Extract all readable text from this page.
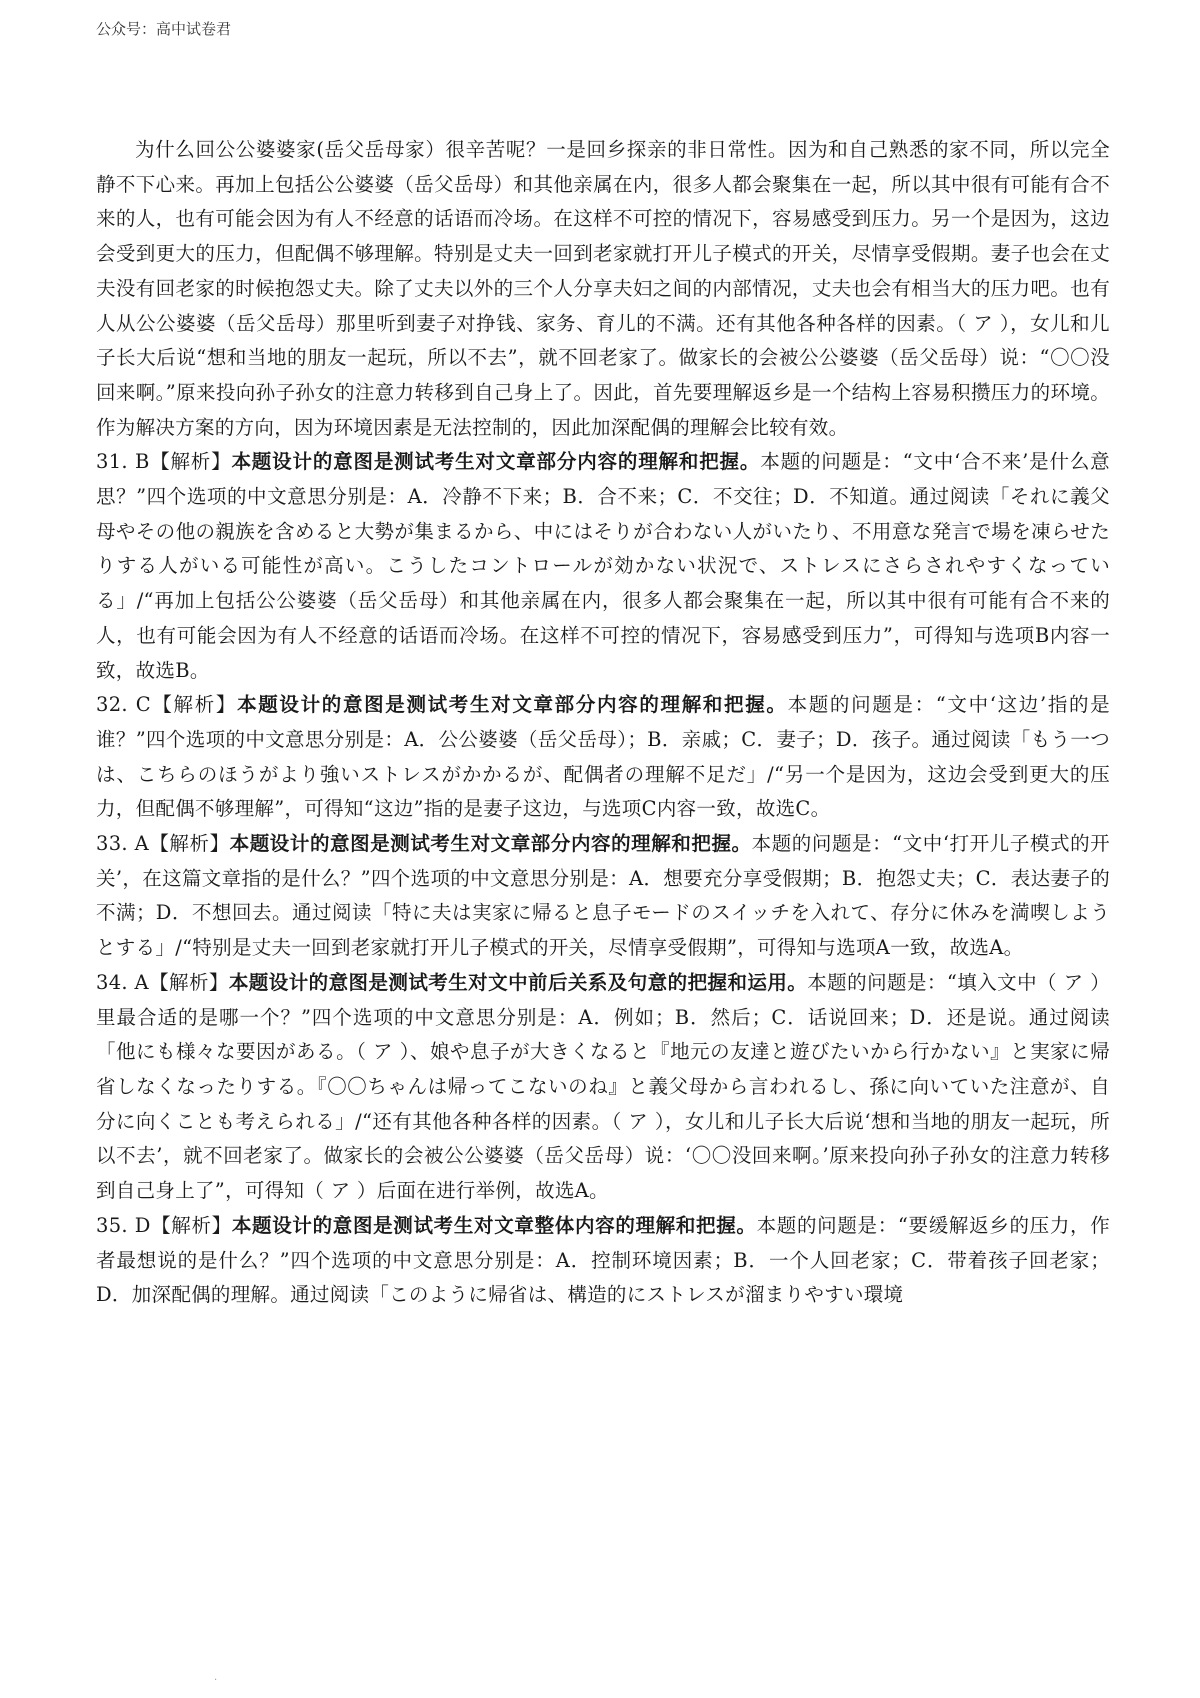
公众号：高中试卷君

为什么回公公婆婆家(岳父岳母家）很辛苦呢？一是回乡探亲的非日常性。因为和自己熟悉的家不同，所以完全静不下心来。再加上包括公公婆婆（岳父岳母）和其他亲属在内，很多人都会聚集在一起，所以其中很有可能有合不来的人，也有可能会因为有人不经意的话语而冷场。在这样不可控的情况下，容易感受到压力。另一个是因为，这边会受到更大的压力，但配偶不够理解。特别是丈夫一回到老家就打开儿子模式的开关，尽情享受假期。妻子也会在丈夫没有回老家的时候抱怨丈夫。除了丈夫以外的三个人分享夫妇之间的内部情况，丈夫也会有相当大的压力吧。也有人从公公婆婆（岳父岳母）那里听到妻子对挣钱、家务、育儿的不满。还有其他各种各样的因素。（ ア ），女儿和儿子长大后说“想和当地的朋友一起玩，所以不去”，就不回老家了。做家长的会被公公婆婆（岳父岳母）说：“〇〇没回来啊。”原来投向孙子孙女的注意力转移到自己身上了。因此，首先要理解返乡是一个结构上容易积攒压力的环境。作为解决方案的方向，因为环境因素是无法控制的，因此加深配偶的理解会比较有效。

31. B【解析】本题设计的意图是测试考生对文章部分内容的理解和把握。本题的问题是：“文中‘合不来’是什么意思？”四个选项的中文意思分别是：A．冷静不下来；B．合不来；C．不交往；D．不知道。通过阅读「それに義父母やその他の親族を含めると大勢が集まるから、中にはそりが合わない人がいたり、不用意な発言で場を凍らせたりする人がいる可能性が高い。こうしたコントロールが効かない状況で、ストレスにさらされやすくなっている」/“再加上包括公公婆婆（岳父岳母）和其他亲属在内，很多人都会聚集在一起，所以其中很有可能有合不来的人，也有可能会因为有人不经意的话语而冷场。在这样不可控的情况下，容易感受到压力”，可得知与选项B内容一致，故选B。

32. C【解析】本题设计的意图是测试考生对文章部分内容的理解和把握。本题的问题是：“文中‘这边’指的是谁？”四个选项的中文意思分别是：A．公公婆婆（岳父岳母）；B．亲戚；C．妻子；D．孩子。通过阅读「もう一つは、こちらのほうがより強いストレスがかかるが、配偶者の理解不足だ」/“另一个是因为，这边会受到更大的压力，但配偶不够理解”，可得知“这边”指的是妻子这边，与选项C内容一致，故选C。

33. A【解析】本题设计的意图是测试考生对文章部分内容的理解和把握。本题的问题是：“文中‘打开儿子模式的开关’，在这篇文章指的是什么？”四个选项的中文意思分别是：A．想要充分享受假期；B．抱怨丈夫；C．表达妻子的不满；D．不想回去。通过阅读「特に夫は実家に帰ると息子モードのスイッチを入れて、存分に休みを満喫しようとする」/“特别是丈夫一回到老家就打开儿子模式的开关，尽情享受假期”，可得知与选项A一致，故选A。

34. A【解析】本题设计的意图是测试考生对文中前后关系及句意的把握和运用。本题的问题是：“填入文中（ ア ）里最合适的是哪一个？”四个选项的中文意思分别是：A．例如；B．然后；C．话说回来；D．还是说。通过阅读「他にも様々な要因がある。（ ア ）、娘や息子が大きくなると『地元の友達と遊びたいから行かない』と実家に帰省しなくなったりする。『〇〇ちゃんは帰ってこないのね』と義父母から言われるし、孫に向いていた注意が、自分に向くことも考えられる」/“还有其他各种各样的因素。（ ア ），女儿和儿子长大后说‘想和当地的朋友一起玩，所以不去’，就不回老家了。做家长的会被公公婆婆（岳父岳母）说：‘〇〇没回来啊。’原来投向孙子孙女的注意力转移到自己身上了”，可得知（ ア ）后面在进行举例，故选A。

35. D【解析】本题设计的意图是测试考生对文章整体内容的理解和把握。本题的问题是：“要缓解返乡的压力，作者最想说的是什么？”四个选项的中文意思分别是：A．控制环境因素；B．一个人回老家；C．带着孩子回老家；D．加深配偶的理解。通过阅读「このように帰省は、構造的にストレスが溜まりやすい環境

.
